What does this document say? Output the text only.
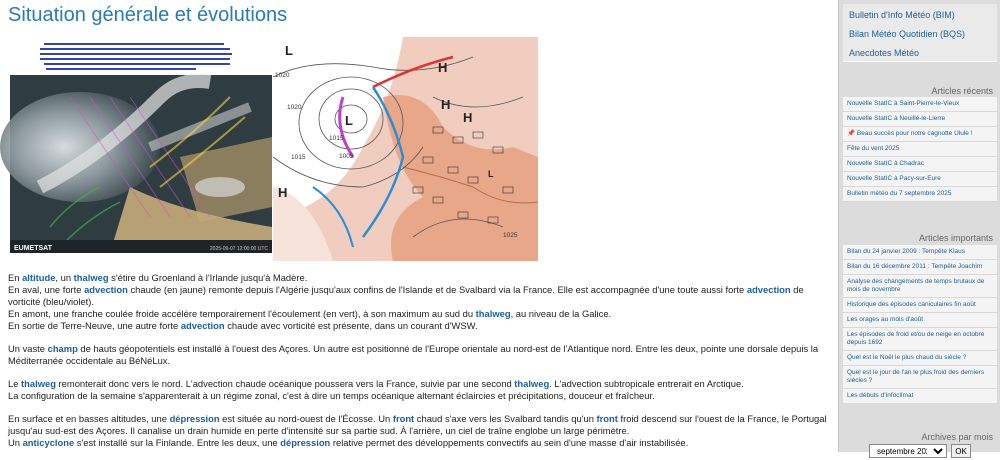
Situation générale et évolutions
EUMETSAT	2025-09-07 12:00:00 UTC
L
L
L
H
H
H
H
1020
1015
1005
1015
1020
1025

En altitude, un thalweg s'étire du Groenland à l'Irlande jusqu'à Madère.
En aval, une forte advection chaude (en jaune) remonte depuis l'Algérie jusqu'aux confins de l'Islande et de Svalbard via la France. Elle est accompagnée d'une toute aussi forte advection de
vorticité (bleu/violet).
En amont, une franche coulée froide accélère temporairement l'écoulement (en vert), à son maximum au sud du thalweg, au niveau de la Galice.
En sortie de Terre-Neuve, une autre forte advection chaude avec vorticité est présente, dans un courant d'WSW.

Un vaste champ de hauts géopotentiels est installé à l'ouest des Açores. Un autre est positionné de l'Europe orientale au nord-est de l'Atlantique nord. Entre les deux, pointe une dorsale depuis la
Méditerranée occidentale au BéNéLux.

Le thalweg remonterait donc vers le nord. L'advection chaude océanique poussera vers la France, suivie par une second thalweg. L'advection subtropicale entrerait en Arctique.
La configuration de la semaine s'apparenterait à un régime zonal, c'est à dire un temps océanique alternant éclaircies et précipitations, douceur et fraîcheur.

En surface et en basses altitudes, une dépression est située au nord-ouest de l'Écosse. Un front chaud s'axe vers les Svalbard tandis qu'un front froid descend sur l'ouest de la France, le Portugal
jusqu'au sud-est des Açores. Il canalise un drain humide en perte d'intensité sur sa partie sud. À l'arrière, un ciel de traîne englobe un large périmètre.
Un anticyclone s'est installé sur la Finlande. Entre les deux, une dépression relative permet des développements convectifs au sein d'une masse d'air instabilisée.

Bulletin d'Info Météo (BIM)
Bilan Météo Quotidien (BQS)
Anecdotes Météo
Articles récents
Nouvelle StatIC à Saint-Pierre-le-Vieux
Nouvelle StatIC à Neuillé-le-Lierre
📌 Beau succès pour notre cagnotte Ulule !
Fête du vent 2025
Nouvelle StatIC à Chadrac
Nouvelle StatIC à Pacy-sur-Eure
Bulletin météo du 7 septembre 2025
Articles importants
Bilan du 24 janvier 2009 : Tempête Klaus
Bilan du 16 décembre 2011 : Tempête Joachim
Analyse des changements de temps brutaux de mois de novembre
Historique des épisodes caniculaires fin août
Les orages au mois d'août
Les épisodes de froid et/ou de neige en octobre depuis 1692
Quel est le Noël le plus chaud du siècle ?
Quel est le jour de l'an le plus froid des derniers siècles ?
Les débuts d'Infoclimat
Archives par mois
septembre 2025
OK
